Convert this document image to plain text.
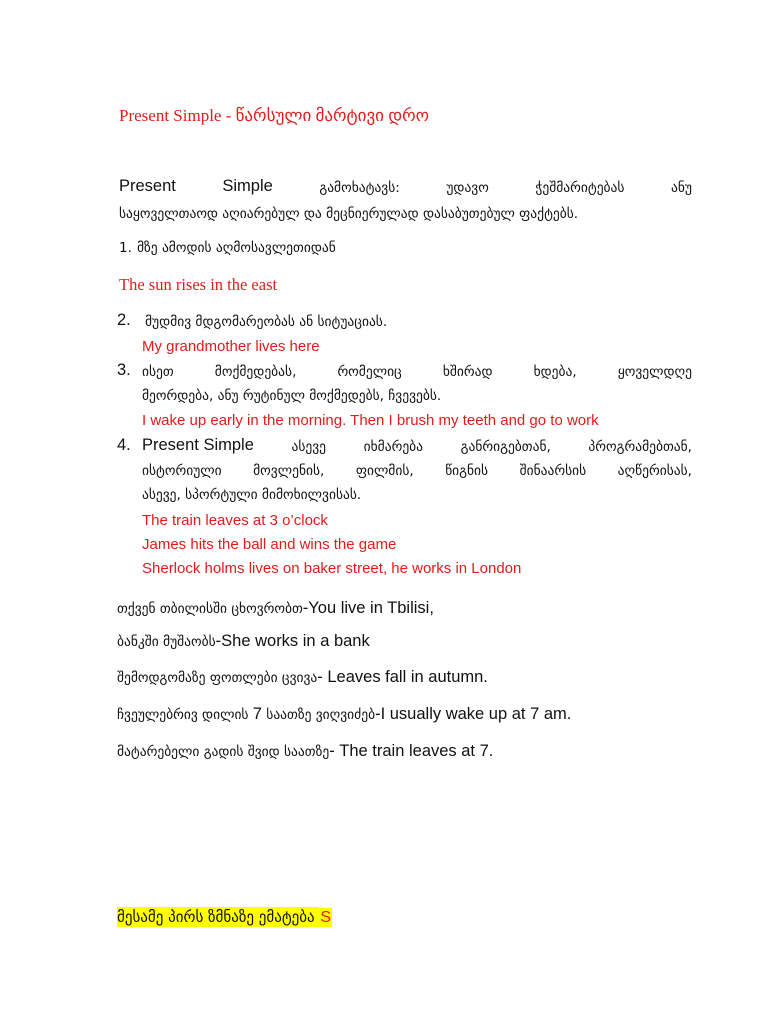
Present Simple - წარსული მარტივი დრო
Present	Simple	გამოხატავს:	უდავო	ჭეშმარიტებას	ანუ
საყოველთაოდ აღიარებულ და მეცნიერულად დასაბუთებულ ფაქტებს.
1. მზე ამოდის აღმოსავლეთიდან
The sun rises in the east
2. მუდმივ მდგომარეობას ან სიტუაციას.
My grandmother lives here
3. ისეთ	მოქმედებას,	რომელიც	ხშირად	ხდება,	ყოველდღე
მეორდება, ანუ რუტინულ მოქმედებს, ჩვევებს.
I wake up early in the morning. Then I brush my teeth and go to work
4. Present Simple	ასევე	იხმარება	განრიგებთან,	პროგრამებთან,
ისტორიული მოვლენის, ფილმის, წიგნის შინაარსის აღწერისას,
ასევე, სპორტული მიმოხილვისას.
The train leaves at 3 o’clock
James hits the ball and wins the game
Sherlock holms lives on baker street, he works in London
თქვენ თბილისში ცხოვრობთ-You live in Tbilisi,
ბანკში მუშაობს-She works in a bank
შემოდგომაზე ფოთლები ცვივა- Leaves fall in autumn.
ჩვეულებრივ დილის 7 საათზე ვიღვიძებ-I usually wake up at 7 am.
მატარებელი გადის შვიდ საათზე- The train leaves at 7.
მესამე პირს ზმნაზე ემატება S
